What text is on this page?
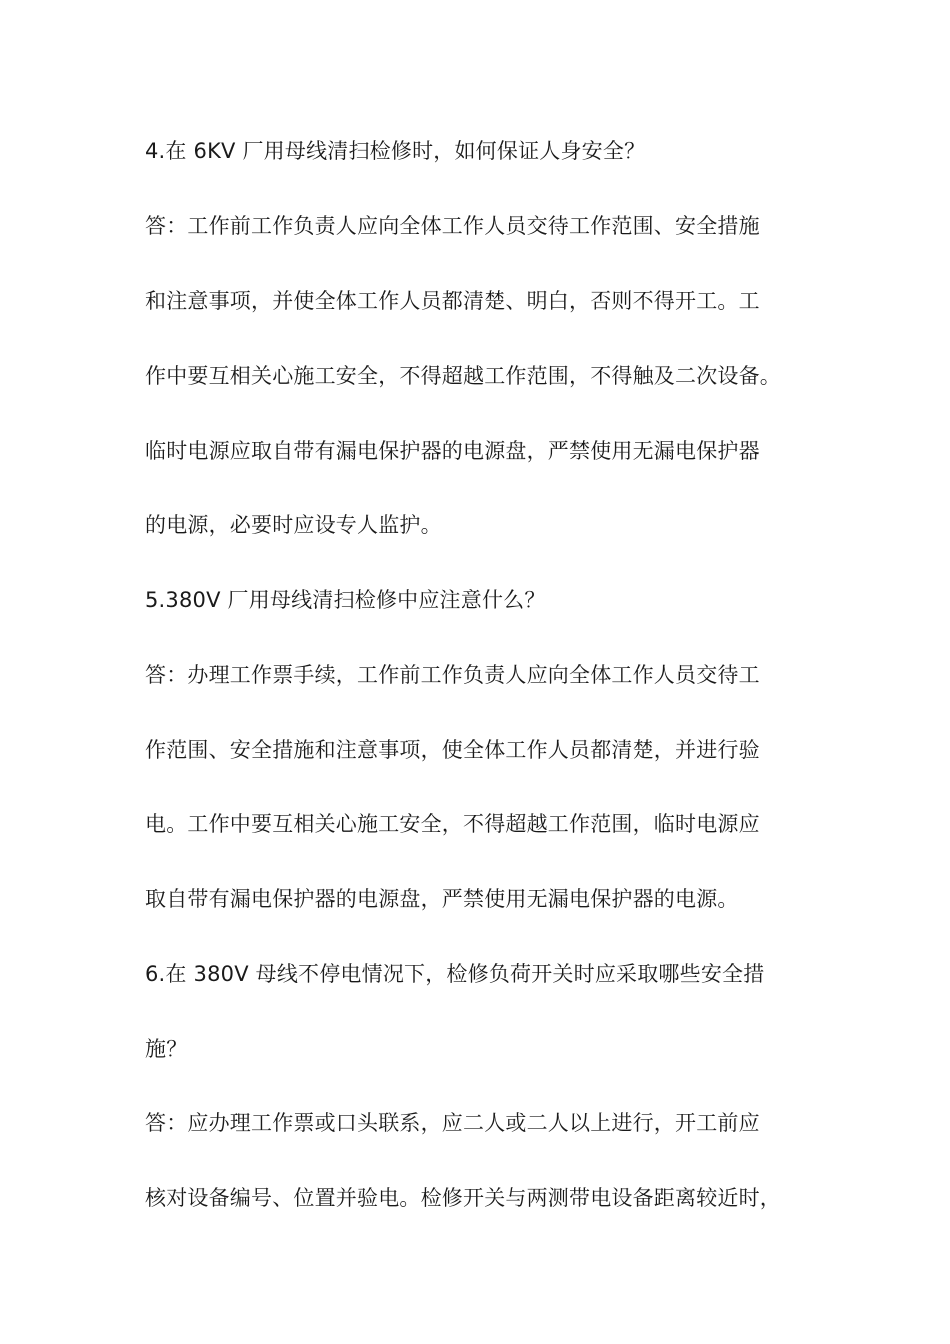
4.在 6KV 厂用母线清扫检修时，如何保证人身安全？
答：工作前工作负责人应向全体工作人员交待工作范围、安全措施
和注意事项，并使全体工作人员都清楚、明白，否则不得开工。工
作中要互相关心施工安全，不得超越工作范围，不得触及二次设备。
临时电源应取自带有漏电保护器的电源盘，严禁使用无漏电保护器
的电源，必要时应设专人监护。
5.380V 厂用母线清扫检修中应注意什么？
答：办理工作票手续，工作前工作负责人应向全体工作人员交待工
作范围、安全措施和注意事项，使全体工作人员都清楚，并进行验
电。工作中要互相关心施工安全，不得超越工作范围，临时电源应
取自带有漏电保护器的电源盘，严禁使用无漏电保护器的电源。
6.在 380V 母线不停电情况下，检修负荷开关时应采取哪些安全措
施？
答：应办理工作票或口头联系，应二人或二人以上进行，开工前应
核对设备编号、位置并验电。检修开关与两测带电设备距离较近时，
